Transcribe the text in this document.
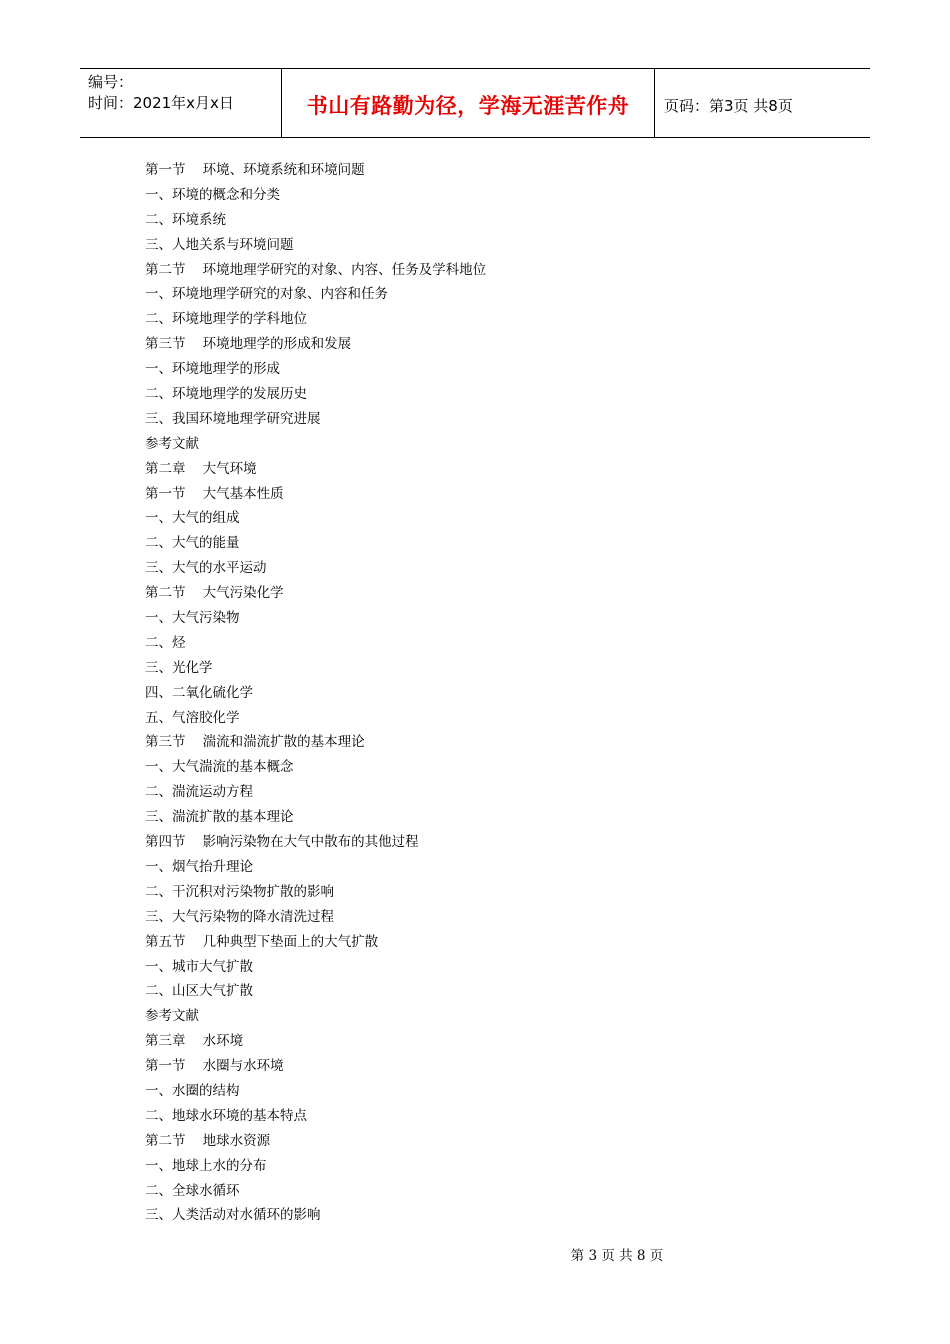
编号：
时间：2021年x月x日	书山有路勤为径，学海无涯苦作舟 页码：第3页 共8页
第一节    环境、环境系统和环境问题
一、环境的概念和分类
二、环境系统
三、人地关系与环境问题
第二节    环境地理学研究的对象、内容、任务及学科地位
一、环境地理学研究的对象、内容和任务
二、环境地理学的学科地位
第三节    环境地理学的形成和发展
一、环境地理学的形成
二、环境地理学的发展历史
三、我国环境地理学研究进展
参考文献
第二章    大气环境
第一节    大气基本性质
一、大气的组成
二、大气的能量
三、大气的水平运动
第二节    大气污染化学
一、大气污染物
二、烃
三、光化学
四、二氧化硫化学
五、气溶胶化学
第三节    湍流和湍流扩散的基本理论
一、大气湍流的基本概念
二、湍流运动方程
三、湍流扩散的基本理论
第四节    影响污染物在大气中散布的其他过程
一、烟气抬升理论
二、干沉积对污染物扩散的影响
三、大气污染物的降水清洗过程
第五节    几种典型下垫面上的大气扩散
一、城市大气扩散
二、山区大气扩散
参考文献
第三章    水环境
第一节    水圈与水环境
一、水圈的结构
二、地球水环境的基本特点
第二节    地球水资源
一、地球上水的分布
二、全球水循环
三、人类活动对水循环的影响
第 3 页 共 8 页
